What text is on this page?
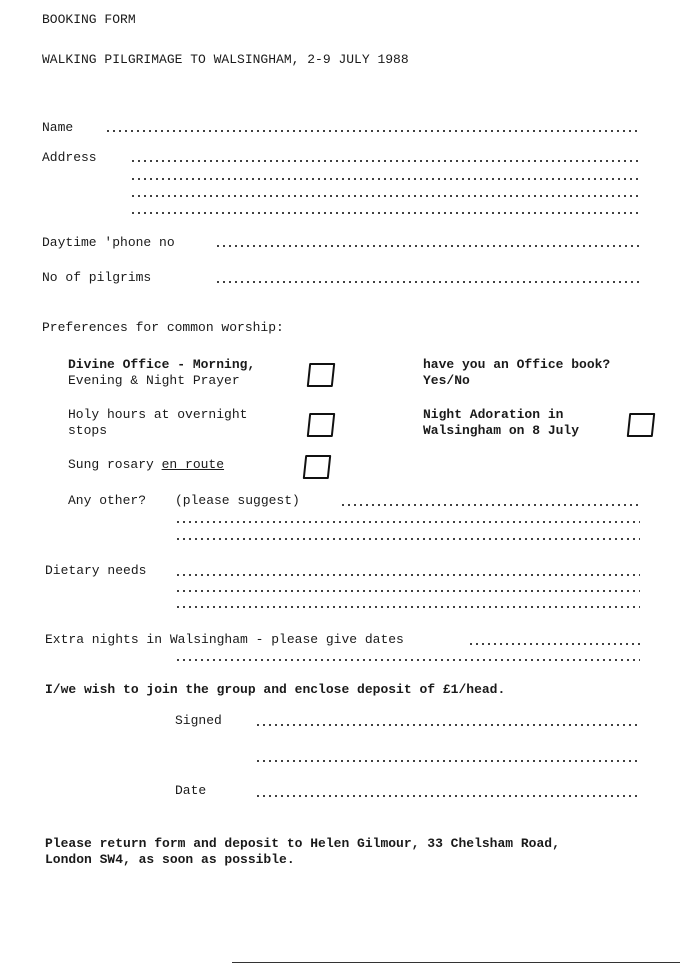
BOOKING FORM
WALKING PILGRIMAGE TO WALSINGHAM, 2-9 JULY 1988
Name
Address
Daytime 'phone no
No of pilgrims
Preferences for common worship:
Divine Office - Morning,
Evening & Night Prayer
have you an Office book?
Yes/No
Holy hours at overnight
stops
Night Adoration in
Walsingham on 8 July
Sung rosary en route
Any other? (please suggest)
Dietary needs
Extra nights in Walsingham - please give dates
I/we wish to join the group and enclose deposit of £1/head.
Signed
Date
Please return form and deposit to Helen Gilmour, 33 Chelsham Road,
London SW4, as soon as possible.
